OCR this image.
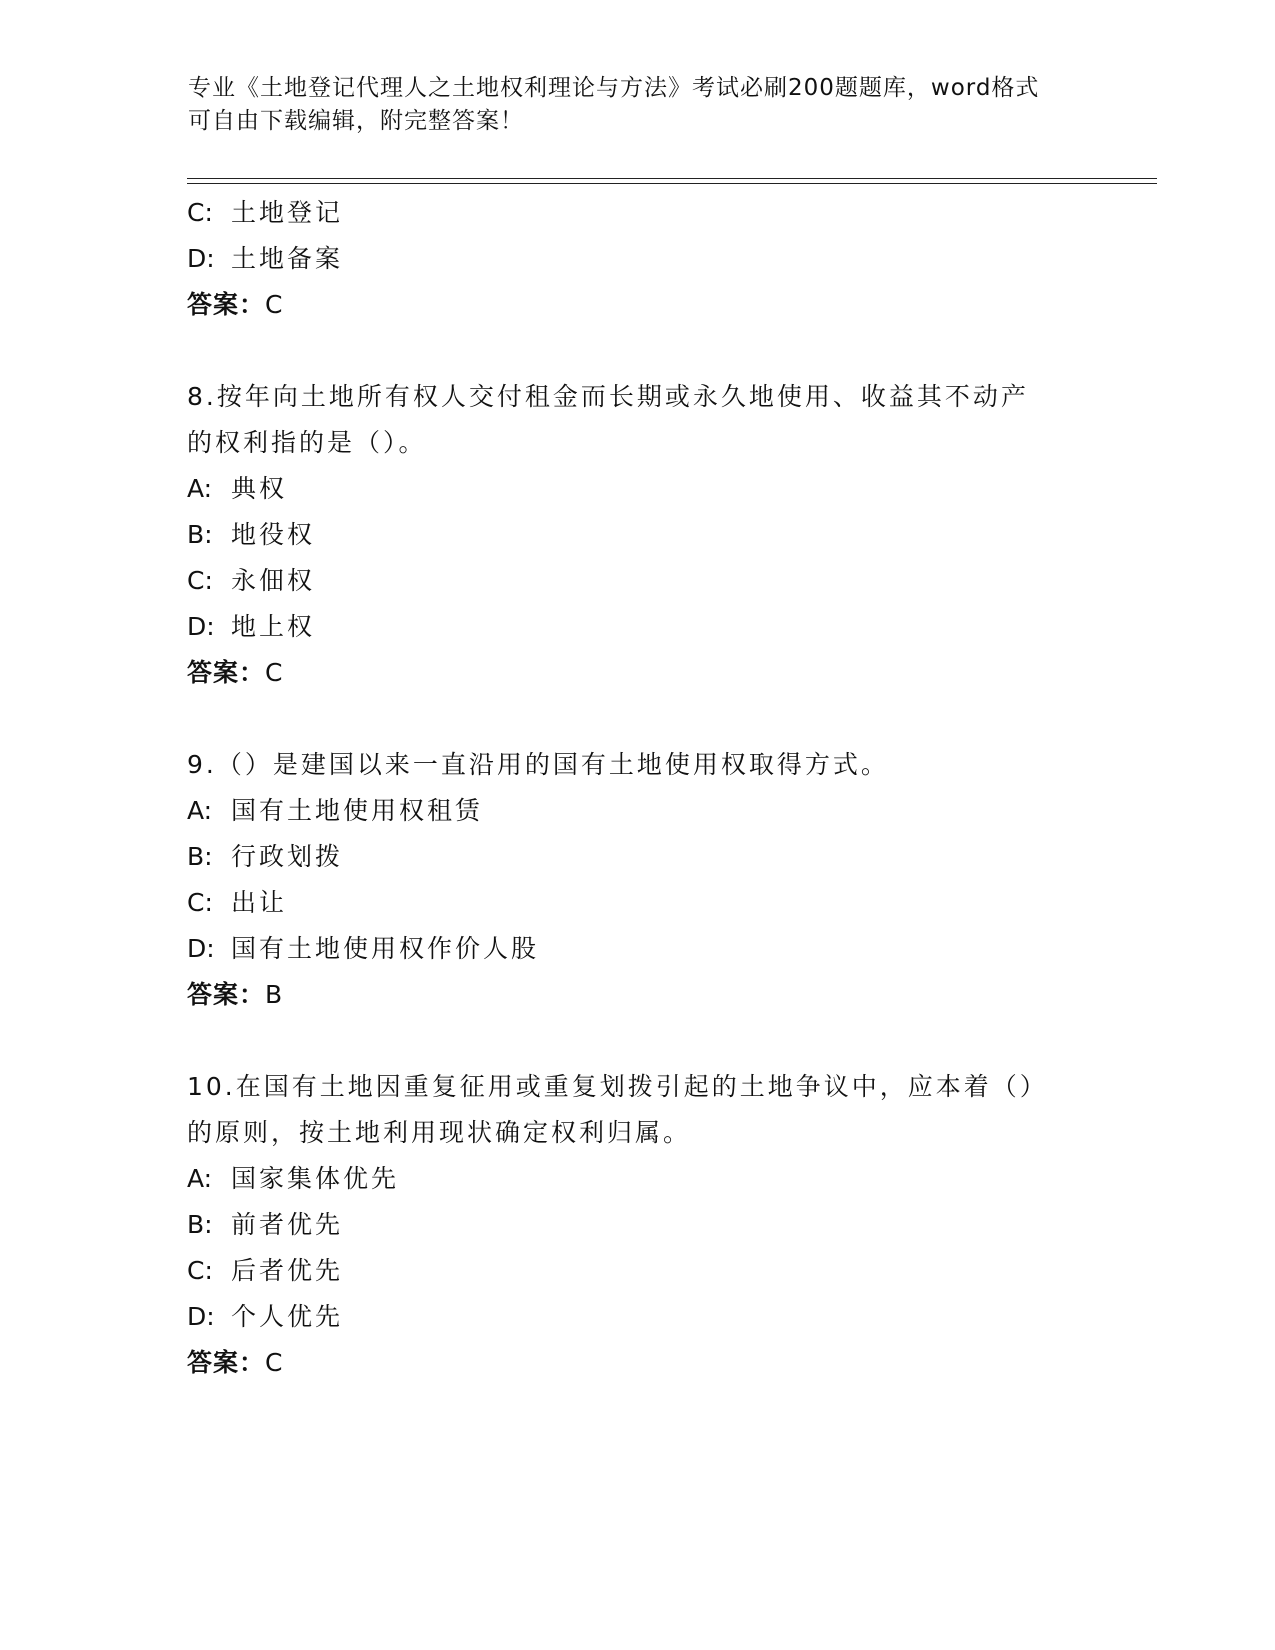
专业《土地登记代理人之土地权利理论与方法》考试必刷200题题库，word格式
可自由下载编辑，附完整答案！
C: 土地登记
D: 土地备案
答案：C
8.按年向土地所有权人交付租金而长期或永久地使用、收益其不动产
的权利指的是（）。
A: 典权
B: 地役权
C: 永佃权
D: 地上权
答案：C
9.（）是建国以来一直沿用的国有土地使用权取得方式。
A: 国有土地使用权租赁
B: 行政划拨
C: 出让
D: 国有土地使用权作价人股
答案：B
10.在国有土地因重复征用或重复划拨引起的土地争议中，应本着（）
的原则，按土地利用现状确定权利归属。
A: 国家集体优先
B: 前者优先
C: 后者优先
D: 个人优先
答案：C
